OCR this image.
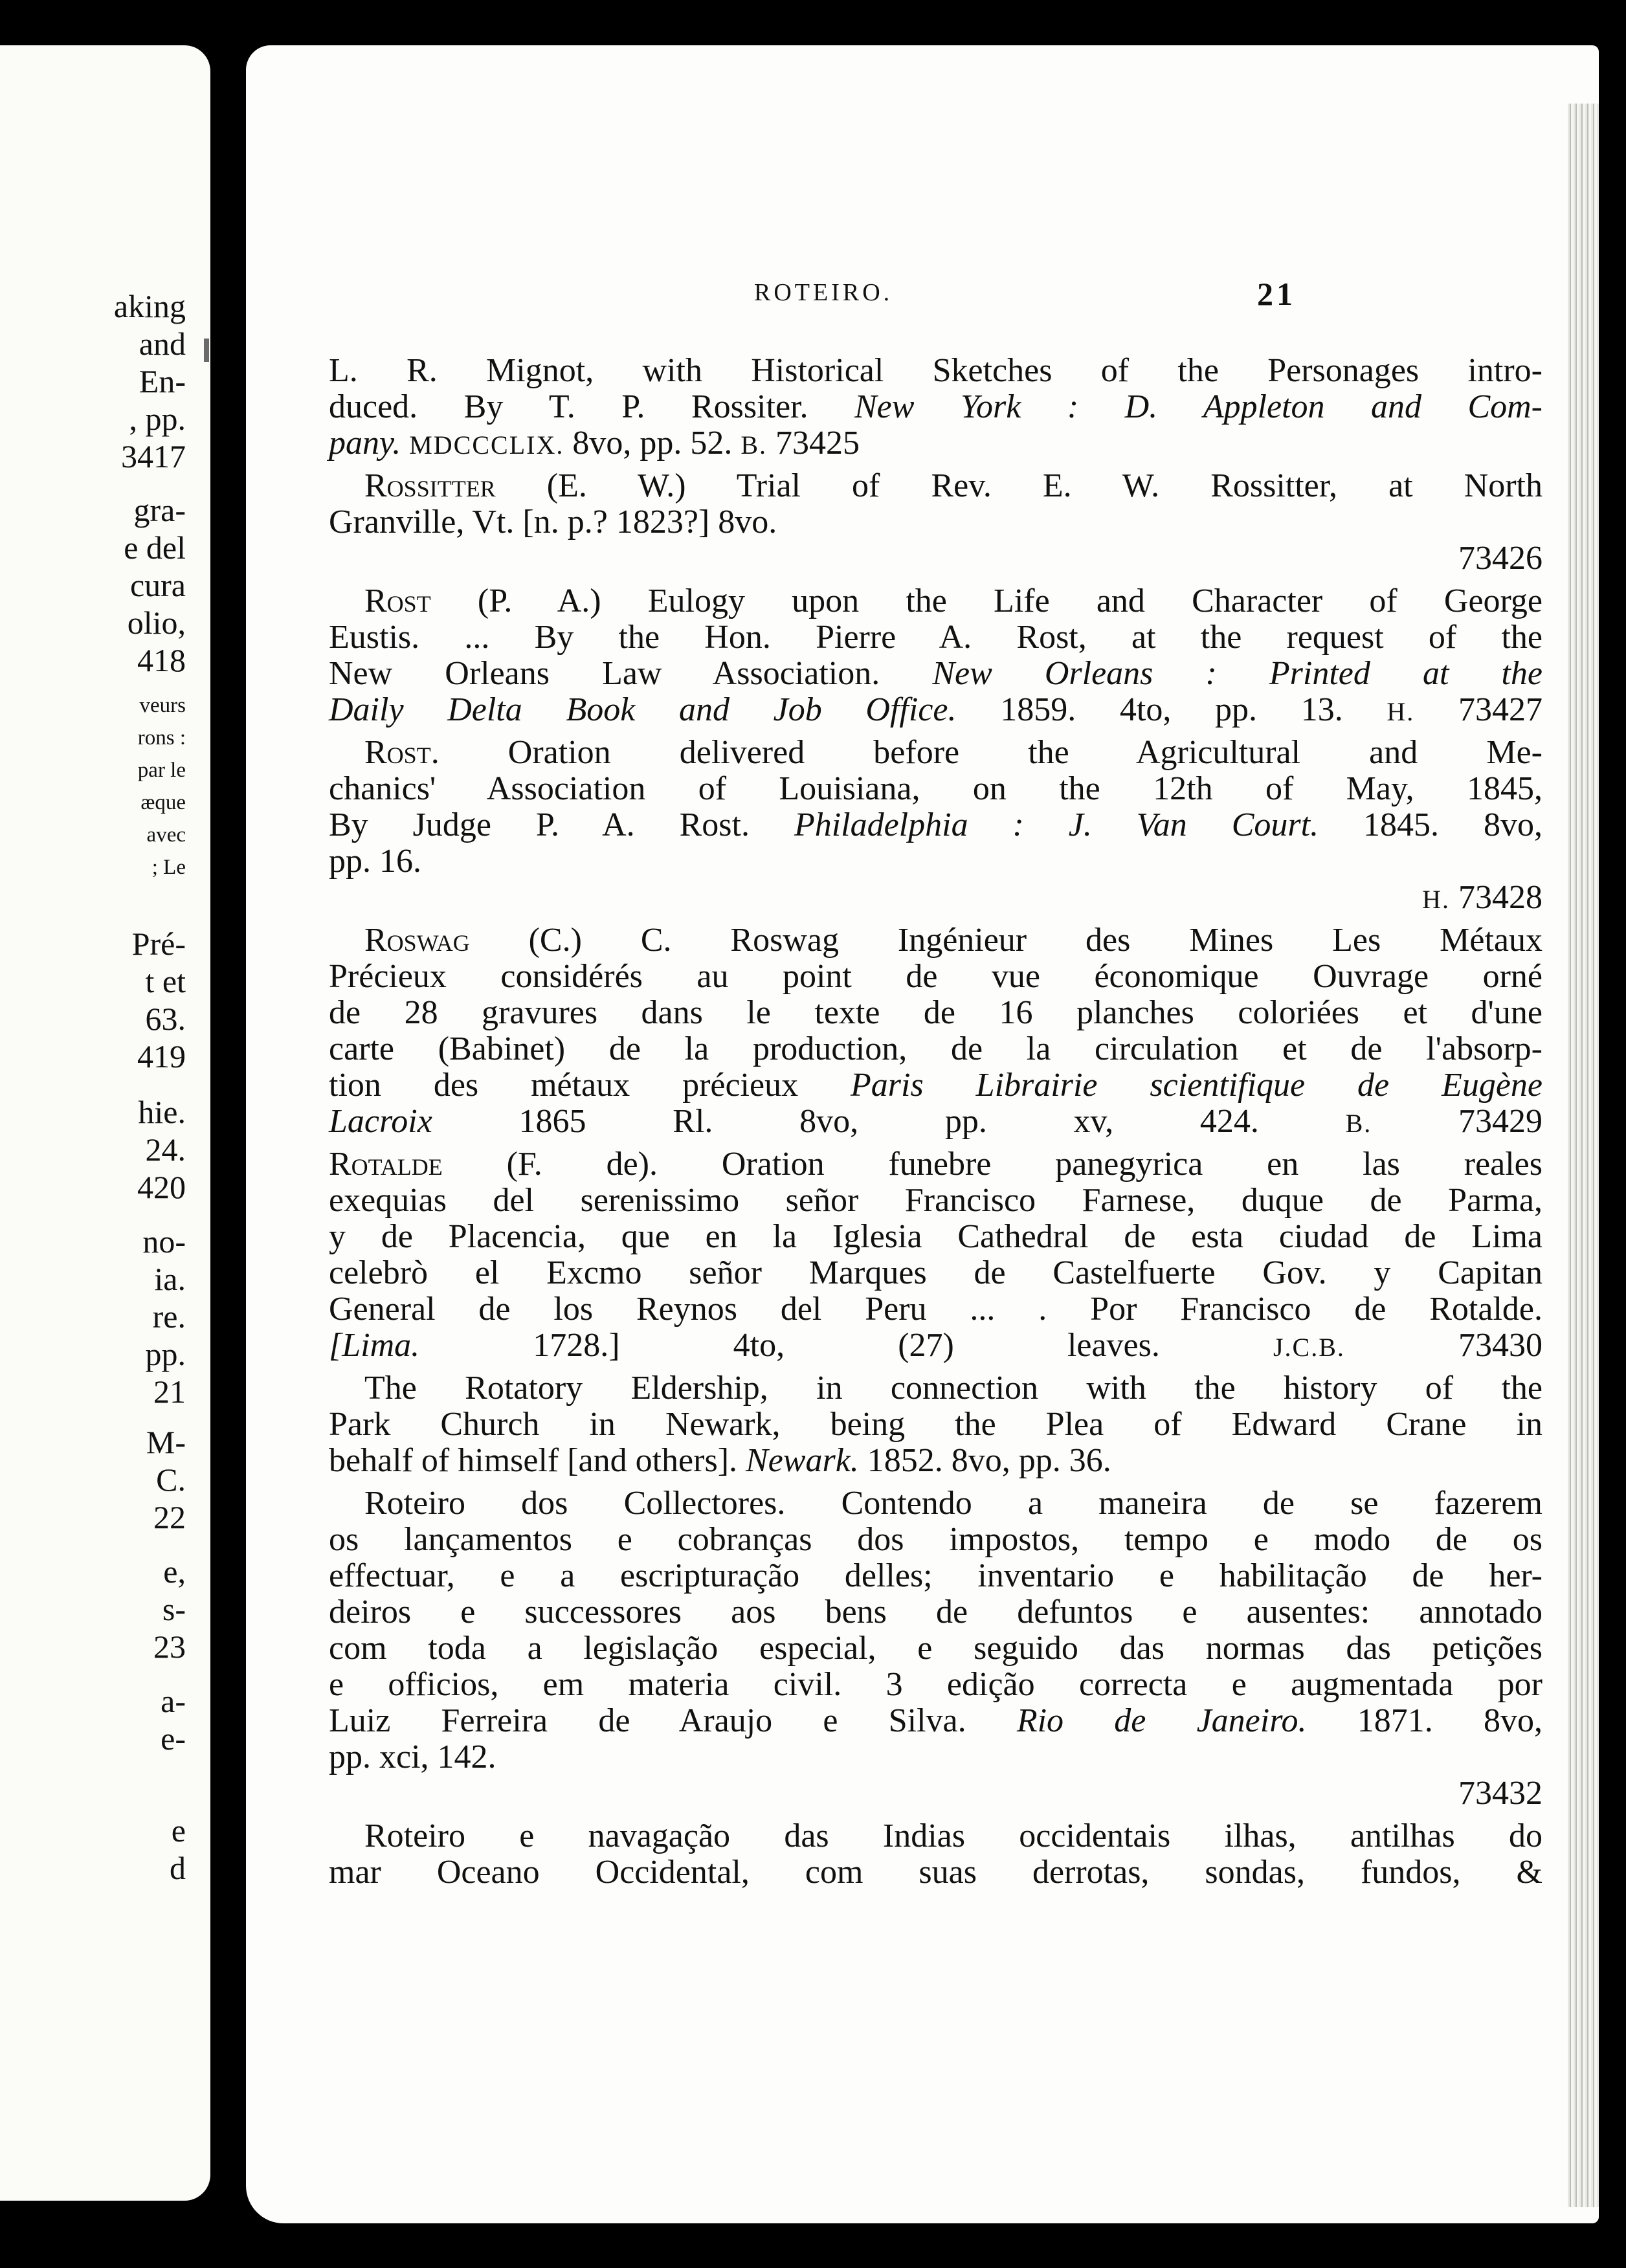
aking
and
En-
, pp.
3417
gra-
e del
cura
olio,
418
veurs
rons :
par le
æque
avec
; Le
Pré-
t et
63.
419
hie.
24.
420
no-
ia.
re.
pp.
21
M-
C.
22
e,
s-
23
a-
e-
e
d
ROTEIRO.	21
L. R. Mignot, with Historical Sketches of the Personages intro-
duced. By T. P. Rossiter. New York : D. Appleton and Com-
pany. MDCCCLIX. 8vo, pp. 52. B. 73425
Rossitter (E. W.) Trial of Rev. E. W. Rossitter, at North
Granville, Vt. [n. p.? 1823?] 8vo.
73426
Rost (P. A.) Eulogy upon the Life and Character of George
Eustis. ... By the Hon. Pierre A. Rost, at the request of the
New Orleans Law Association. New Orleans : Printed at the
Daily Delta Book and Job Office. 1859. 4to, pp. 13. H. 73427
Rost. Oration delivered before the Agricultural and Me-
chanics' Association of Louisiana, on the 12th of May, 1845,
By Judge P. A. Rost. Philadelphia : J. Van Court. 1845. 8vo,
pp. 16.
H. 73428
Roswag (C.) C. Roswag Ingénieur des Mines Les Métaux
Précieux considérés au point de vue économique Ouvrage orné
de 28 gravures dans le texte de 16 planches coloriées et d'une
carte (Babinet) de la production, de la circulation et de l'absorp-
tion des métaux précieux Paris Librairie scientifique de Eugène
Lacroix 1865 Rl. 8vo, pp. xv, 424. B. 73429
Rotalde (F. de). Oration funebre panegyrica en las reales
exequias del serenissimo señor Francisco Farnese, duque de Parma,
y de Placencia, que en la Iglesia Cathedral de esta ciudad de Lima
celebrò el Excmo señor Marques de Castelfuerte Gov. y Capitan
General de los Reynos del Peru ... . Por Francisco de Rotalde.
[Lima. 1728.] 4to, (27) leaves. J.C.B. 73430
The Rotatory Eldership, in connection with the history of the
Park Church in Newark, being the Plea of Edward Crane in
behalf of himself [and others]. Newark. 1852. 8vo, pp. 36.
Roteiro dos Collectores. Contendo a maneira de se fazerem
os lançamentos e cobranças dos impostos, tempo e modo de os
effectuar, e a escripturação delles; inventario e habilitação de her-
deiros e successores aos bens de defuntos e ausentes: annotado
com toda a legislação especial, e seguido das normas das petições
e officios, em materia civil. 3 edição correcta e augmentada por
Luiz Ferreira de Araujo e Silva. Rio de Janeiro. 1871. 8vo,
pp. xci, 142.
73432
Roteiro e navagação das Indias occidentais ilhas, antilhas do
mar Oceano Occidental, com suas derrotas, sondas, fundos, &
